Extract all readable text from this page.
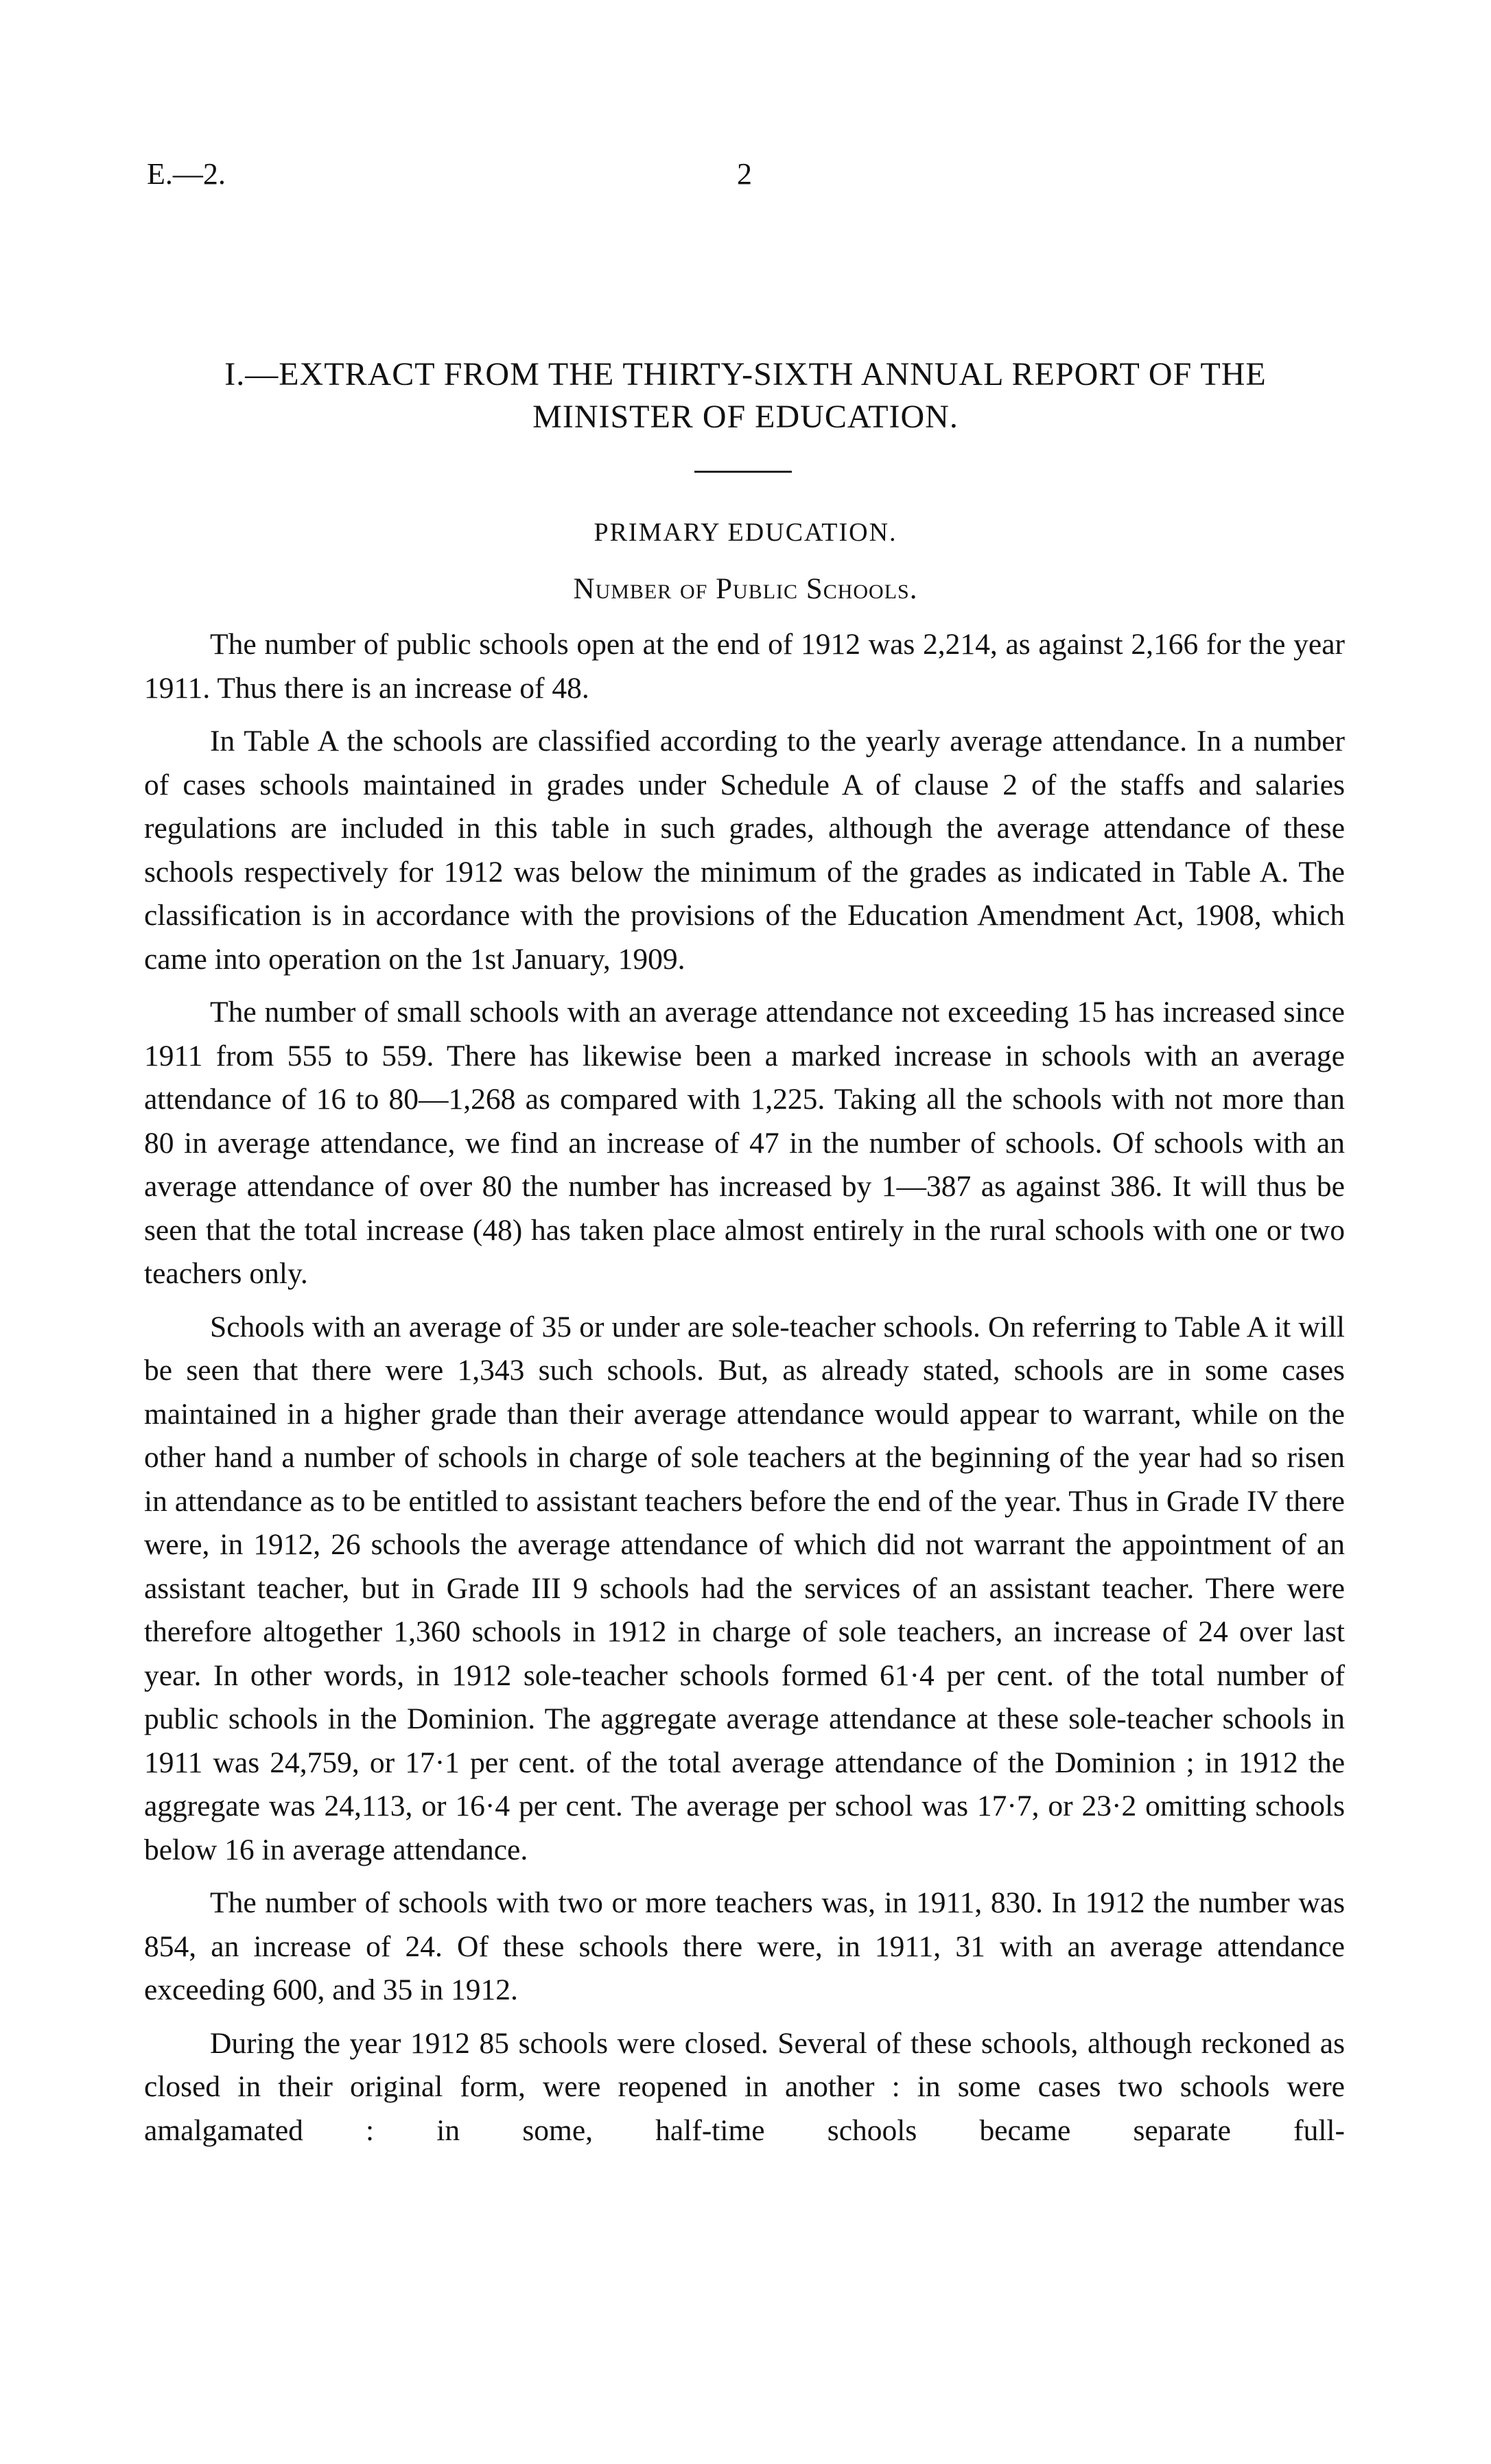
E.—2.	2
I.—EXTRACT FROM THE THIRTY-SIXTH ANNUAL REPORT OF THE
MINISTER OF EDUCATION.
PRIMARY EDUCATION.
Number of Public Schools.

The number of public schools open at the end of 1912 was 2,214, as against 2,166 for the year 1911. Thus there is an increase of 48.

In Table A the schools are classified according to the yearly average attendance. In a number of cases schools maintained in grades under Schedule A of clause 2 of the staffs and salaries regulations are included in this table in such grades, although the average attendance of these schools respectively for 1912 was below the minimum of the grades as indicated in Table A. The classification is in accordance with the provisions of the Education Amendment Act, 1908, which came into operation on the 1st January, 1909.

The number of small schools with an average attendance not exceeding 15 has increased since 1911 from 555 to 559. There has likewise been a marked increase in schools with an average attendance of 16 to 80—1,268 as compared with 1,225. Taking all the schools with not more than 80 in average attendance, we find an increase of 47 in the number of schools. Of schools with an average attendance of over 80 the number has increased by 1—387 as against 386. It will thus be seen that the total increase (48) has taken place almost entirely in the rural schools with one or two teachers only.

Schools with an average of 35 or under are sole-teacher schools. On referring to Table A it will be seen that there were 1,343 such schools. But, as already stated, schools are in some cases maintained in a higher grade than their average attendance would appear to warrant, while on the other hand a number of schools in charge of sole teachers at the beginning of the year had so risen in attendance as to be entitled to assistant teachers before the end of the year. Thus in Grade IV there were, in 1912, 26 schools the average attendance of which did not warrant the appointment of an assistant teacher, but in Grade III 9 schools had the services of an assistant teacher. There were therefore altogether 1,360 schools in 1912 in charge of sole teachers, an increase of 24 over last year. In other words, in 1912 sole-teacher schools formed 61·4 per cent. of the total number of public schools in the Dominion. The aggregate average attendance at these sole-teacher schools in 1911 was 24,759, or 17·1 per cent. of the total average attendance of the Dominion ; in 1912 the aggregate was 24,113, or 16·4 per cent. The average per school was 17·7, or 23·2 omitting schools below 16 in average attendance.

The number of schools with two or more teachers was, in 1911, 830. In 1912 the number was 854, an increase of 24. Of these schools there were, in 1911, 31 with an average attendance exceeding 600, and 35 in 1912.

During the year 1912 85 schools were closed. Several of these schools, although reckoned as closed in their original form, were reopened in another : in some cases two schools were amalgamated : in some, half-time schools became separate full-
